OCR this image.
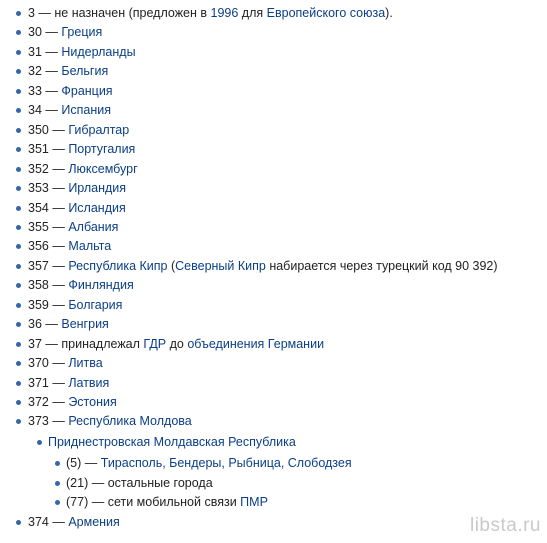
3 — не назначен (предложен в 1996 для Европейского союза).
30 — Греция
31 — Нидерланды
32 — Бельгия
33 — Франция
34 — Испания
350 — Гибралтар
351 — Португалия
352 — Люксембург
353 — Ирландия
354 — Исландия
355 — Албания
356 — Мальта
357 — Республика Кипр (Северный Кипр набирается через турецкий код 90 392)
358 — Финляндия
359 — Болгария
36 — Венгрия
37 — принадлежал ГДР до объединения Германии
370 — Литва
371 — Латвия
372 — Эстония
373 — Республика Молдова
Приднестровская Молдавская Республика
(5) — Тирасполь, Бендеры, Рыбница, Слободзея
(21) — остальные города
(77) — сети мобильной связи ПМР
374 — Армения	libsta.ru
